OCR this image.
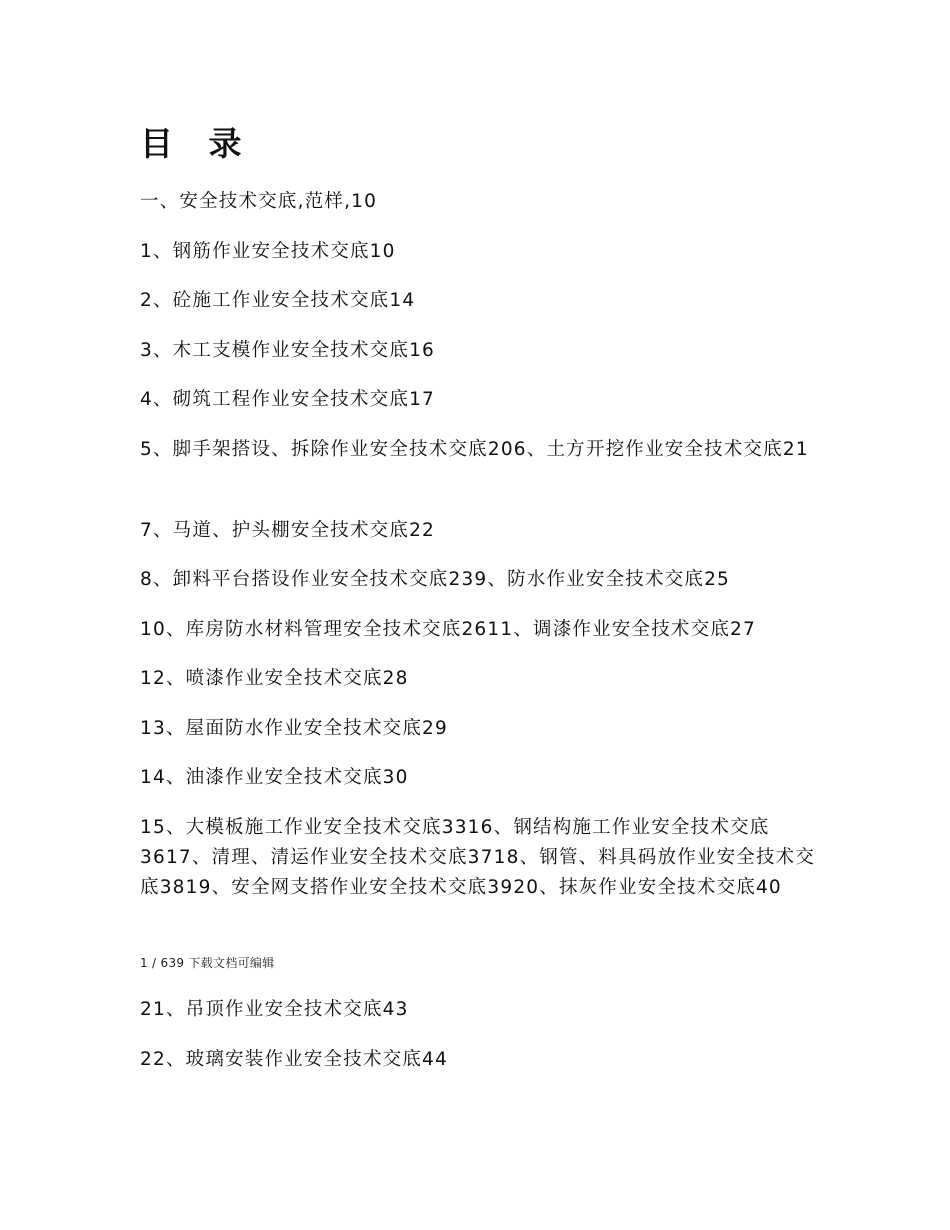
目 录

一、安全技术交底,范样,10

1、钢筋作业安全技术交底10

2、砼施工作业安全技术交底14

3、木工支模作业安全技术交底16

4、砌筑工程作业安全技术交底17

5、脚手架搭设、拆除作业安全技术交底206、土方开挖作业安全技术交底21

7、马道、护头棚安全技术交底22

8、卸料平台搭设作业安全技术交底239、防水作业安全技术交底25

10、库房防水材料管理安全技术交底2611、调漆作业安全技术交底27

12、喷漆作业安全技术交底28

13、屋面防水作业安全技术交底29

14、油漆作业安全技术交底30

15、大模板施工作业安全技术交底3316、钢结构施工作业安全技术交底3617、清理、清运作业安全技术交底3718、钢管、料具码放作业安全技术交底3819、安全网支搭作业安全技术交底3920、抹灰作业安全技术交底40

1 / 639 下载文档可编辑

21、吊顶作业安全技术交底43

22、玻璃安装作业安全技术交底44
